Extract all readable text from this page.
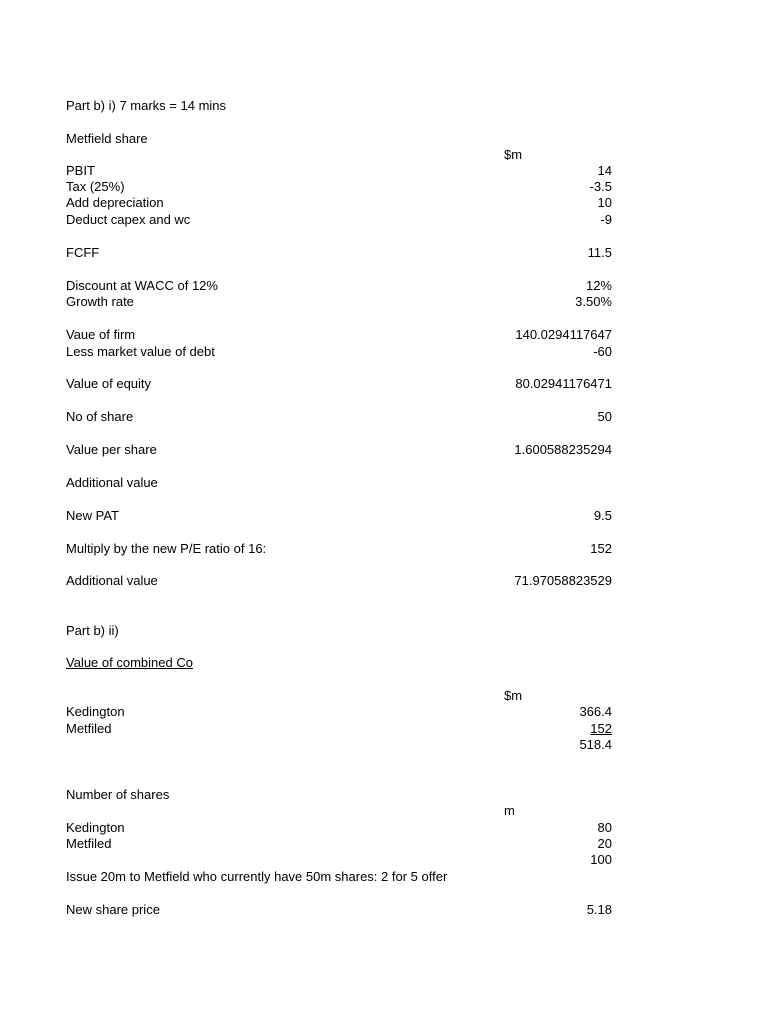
Part b) i) 7 marks = 14 mins
Metfield share
$m
PBIT	14
Tax (25%)	-3.5
Add depreciation	10
Deduct capex and wc	-9
FCFF	11.5
Discount at WACC of 12%	12%
Growth rate	3.50%
Vaue of firm	140.0294117647
Less market value of debt	-60
Value of equity	80.02941176471
No of share	50
Value per share	1.600588235294
Additional value
New PAT	9.5
Multiply by the new P/E ratio of 16:	152
Additional value	71.97058823529
Part b) ii)
Value of combined Co
$m
Kedington	366.4
Metfiled	152
518.4
Number of shares
m
Kedington	80
Metfiled	20
100
Issue 20m to Metfield who currently have 50m shares: 2 for 5 offer
New share price	5.18
